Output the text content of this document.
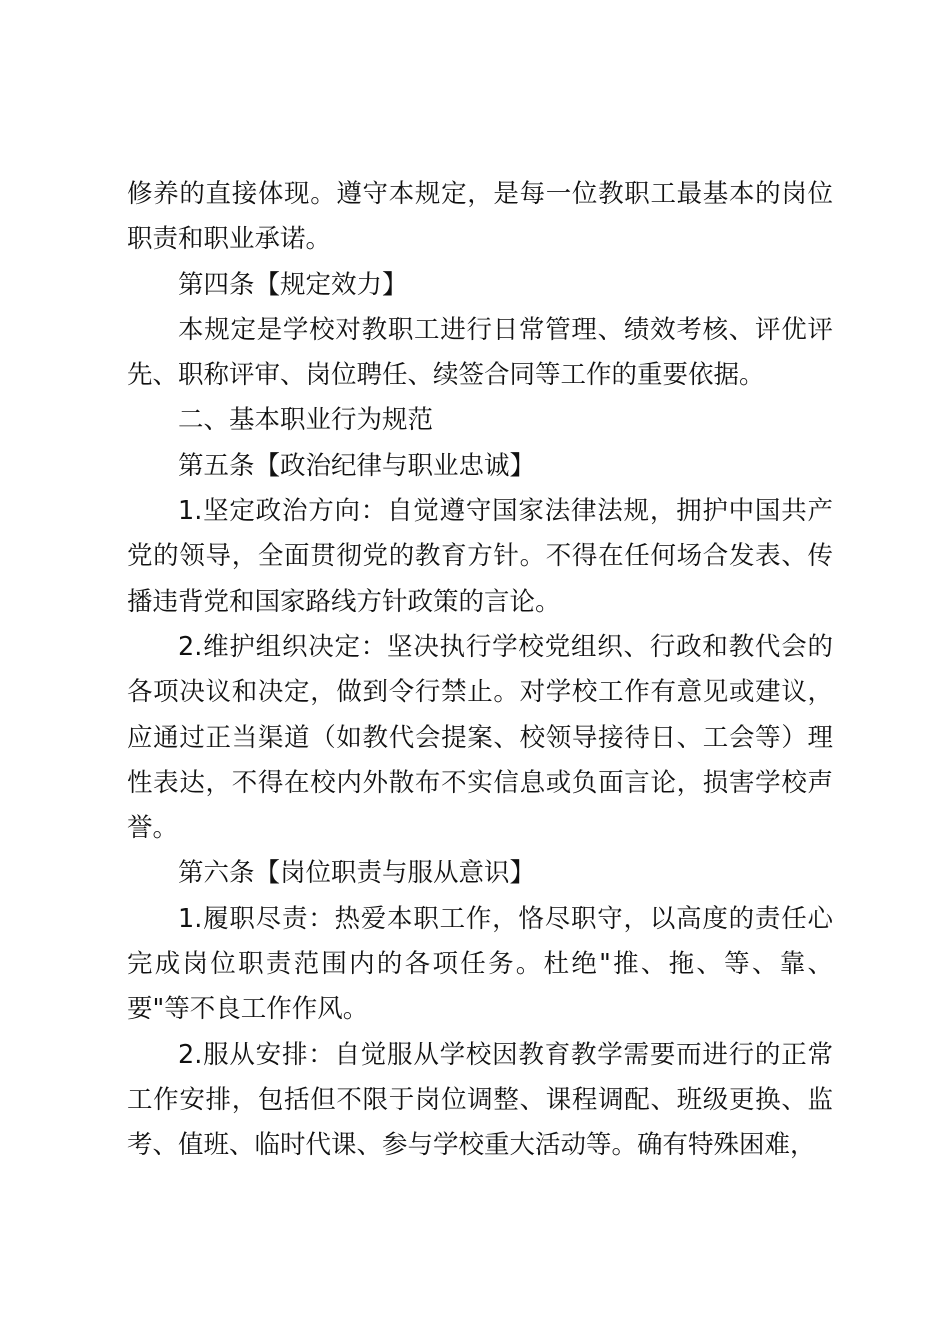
修养的直接体现。遵守本规定，是每一位教职工最基本的岗位职责和职业承诺。

第四条【规定效力】

本规定是学校对教职工进行日常管理、绩效考核、评优评先、职称评审、岗位聘任、续签合同等工作的重要依据。

二、基本职业行为规范

第五条【政治纪律与职业忠诚】

1.坚定政治方向：自觉遵守国家法律法规，拥护中国共产党的领导，全面贯彻党的教育方针。不得在任何场合发表、传播违背党和国家路线方针政策的言论。

2.维护组织决定：坚决执行学校党组织、行政和教代会的各项决议和决定，做到令行禁止。对学校工作有意见或建议，应通过正当渠道（如教代会提案、校领导接待日、工会等）理性表达，不得在校内外散布不实信息或负面言论，损害学校声誉。

第六条【岗位职责与服从意识】

1.履职尽责：热爱本职工作，恪尽职守，以高度的责任心完成岗位职责范围内的各项任务。杜绝"推、拖、等、靠、要"等不良工作作风。

2.服从安排：自觉服从学校因教育教学需要而进行的正常工作安排，包括但不限于岗位调整、课程调配、班级更换、监考、值班、临时代课、参与学校重大活动等。确有特殊困难，
